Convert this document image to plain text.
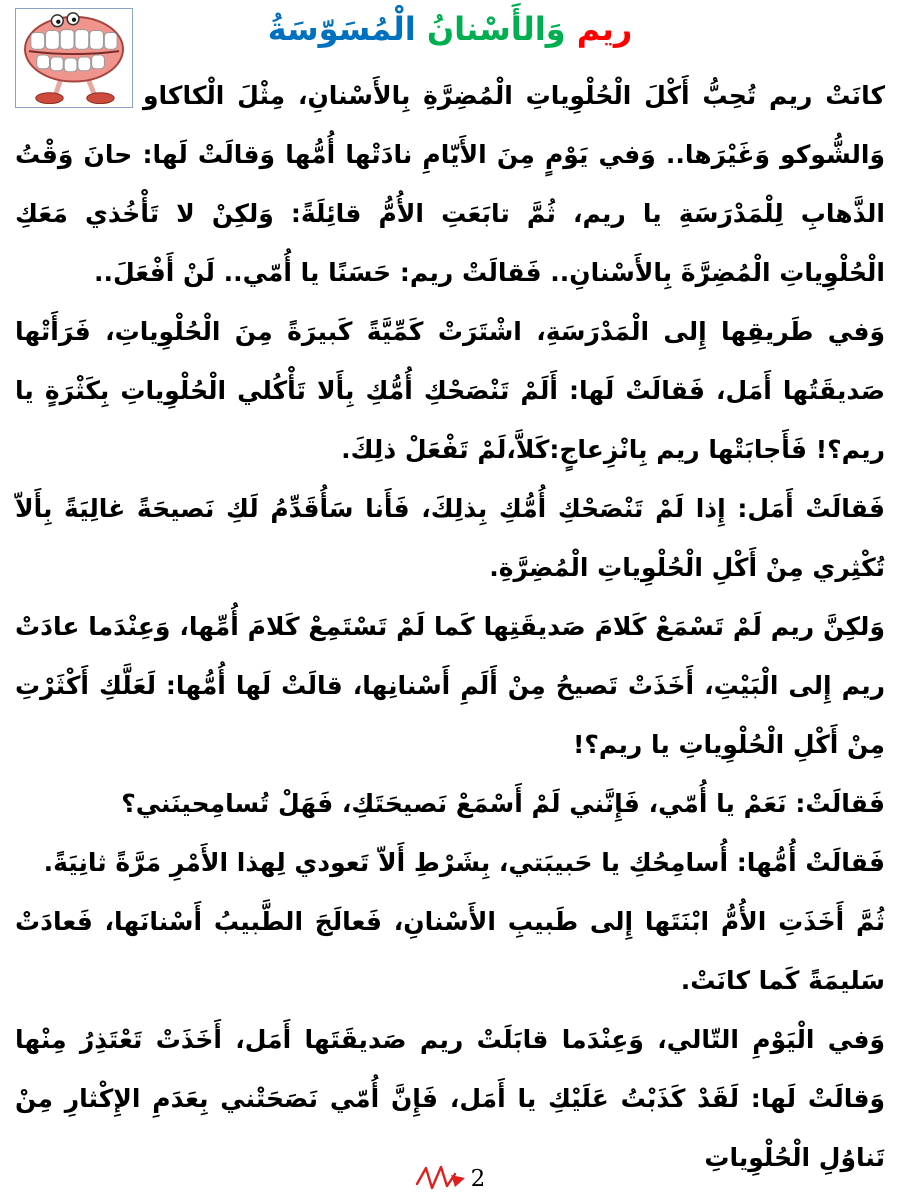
ريم وَالأَسْنانُ الْمُسَوّسَةُ

كانَتْ ريم تُحِبُّ أَكْلَ الْحُلْوِياتِ الْمُضِرَّةِ بِالأَسْنانِ، مِثْلَ الْكاكاو وَالشُّوكو وَغَيْرَها.. وَفي يَوْمٍ مِنَ الأَيّامِ نادَتْها أُمُّها وَقالَتْ لَها: حانَ وَقْتُ الذَّهابِ لِلْمَدْرَسَةِ يا ريم، ثُمَّ تابَعَتِ الأُمُّ قائِلَةً: وَلكِنْ لا تَأْخُذي مَعَكِ الْحُلْوِياتِ الْمُضِرَّةَ بِالأَسْنانِ.. فَقالَتْ ريم: حَسَنًا يا أُمّي.. لَنْ أَفْعَلَ..

وَفي طَريقِها إِلى الْمَدْرَسَةِ، اشْتَرَتْ كَمِّيَّةً كَبيرَةً مِنَ الْحُلْوِياتِ، فَرَأَتْها صَديقَتُها أَمَل، فَقالَتْ لَها: أَلَمْ تَنْصَحْكِ أُمُّكِ بِأَلا تَأْكُلي الْحُلْوِياتِ بِكَثْرَةٍ يا ريم؟! فَأَجابَتْها ريم بِانْزِعاجٍ:كَلاَّ،لَمْ تَفْعَلْ ذلِكَ.

فَقالَتْ أَمَل: إِذا لَمْ تَنْصَحْكِ أُمُّكِ بِذلِكَ، فَأَنا سَأُقَدِّمُ لَكِ نَصيحَةً غالِيَةً بِأَلاّ تُكْثِري مِنْ أَكْلِ الْحُلْوِياتِ الْمُضِرَّةِ.

وَلكِنَّ ريم لَمْ تَسْمَعْ كَلامَ صَديقَتِها كَما لَمْ تَسْتَمِعْ كَلامَ أُمِّها، وَعِنْدَما عادَتْ ريم إِلى الْبَيْتِ، أَخَذَتْ تَصيحُ مِنْ أَلَمِ أَسْنانِها، قالَتْ لَها أُمُّها: لَعَلَّكِ أَكْثَرْتِ مِنْ أَكْلِ الْحُلْوِياتِ يا ريم؟!

فَقالَتْ: نَعَمْ يا أُمّي، فَإِنَّني لَمْ أَسْمَعْ نَصيحَتَكِ، فَهَلْ تُسامِحينَني؟

فَقالَتْ أُمُّها: أُسامِحُكِ يا حَبيبَتي، بِشَرْطِ أَلاّ تَعودي لِهذا الأَمْرِ مَرَّةً ثانِيَةً.

ثُمَّ أَخَذَتِ الأُمُّ ابْنَتَها إِلى طَبيبِ الأَسْنانِ، فَعالَجَ الطَّبيبُ أَسْنانَها، فَعادَتْ سَليمَةً كَما كانَتْ.

وَفي الْيَوْمِ التّالي، وَعِنْدَما قابَلَتْ ريم صَديقَتَها أَمَل، أَخَذَتْ تَعْتَذِرُ مِنْها وَقالَتْ لَها: لَقَدْ كَذَبْتُ عَلَيْكِ يا أَمَل، فَإِنَّ أُمّي نَصَحَتْني بِعَدَمِ الإِكْثارِ مِنْ تَناوُلِ الْحُلْوِياتِ

2
